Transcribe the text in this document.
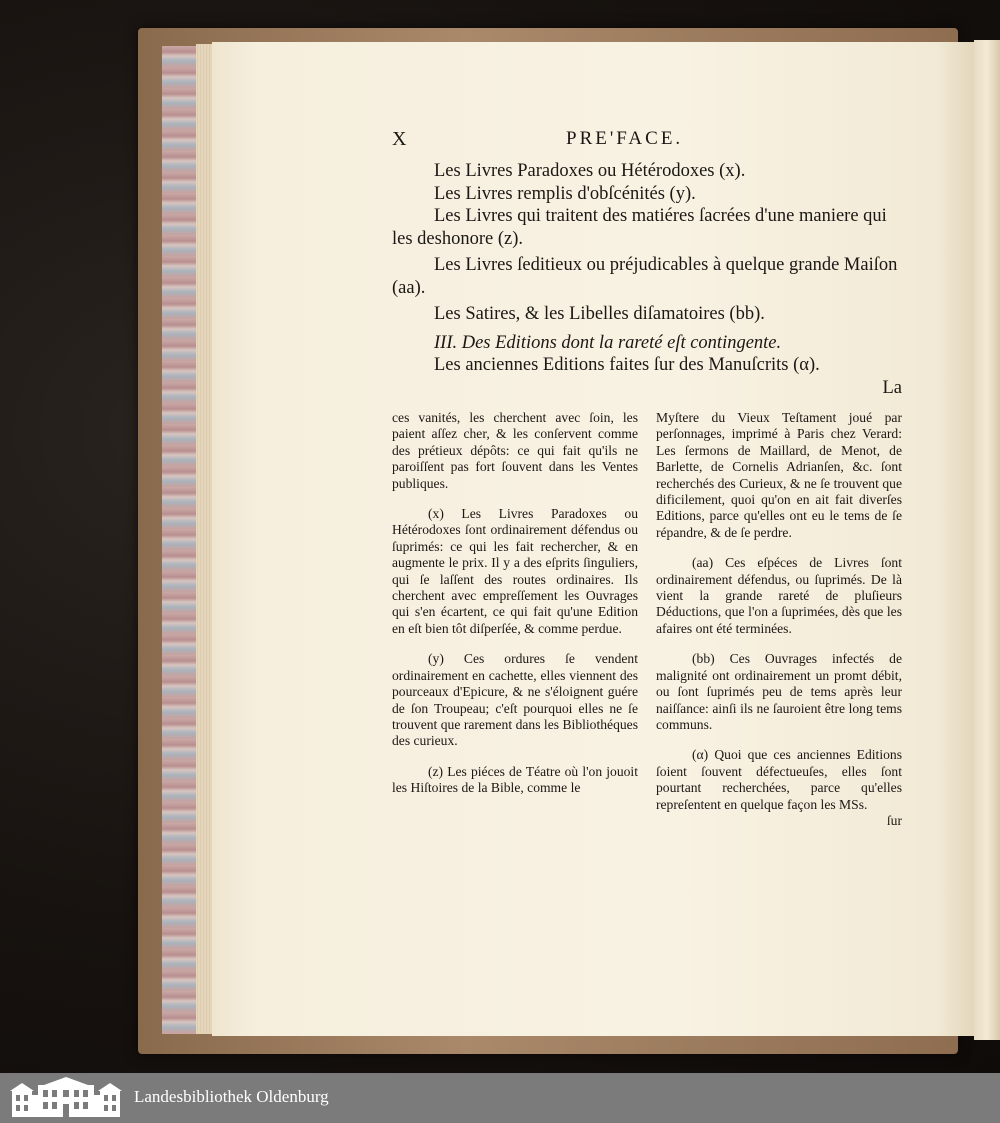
X	PRE'FACE.

Les Livres Paradoxes ou Hétérodoxes (x).

Les Livres remplis d'obſcénités (y).

Les Livres qui traitent des matiéres ſacrées d'une maniere qui les deshonore (z).

Les Livres ſeditieux ou préjudicables à quelque grande Maiſon (aa).

Les Satires, & les Libelles diſamatoires (bb).

III. Des Editions dont la rareté eſt contingente.

Les anciennes Editions faites ſur des Manuſcrits (α).

La

ces vanités, les cherchent avec ſoin, les paient aſſez cher, & les conſervent comme des prétieux dépôts: ce qui fait qu'ils ne paroiſſent pas fort ſouvent dans les Ventes publiques.

(x) Les Livres Paradoxes ou Hétérodoxes ſont ordinairement défendus ou ſuprimés: ce qui les fait rechercher, & en augmente le prix. Il y a des eſprits ſinguliers, qui ſe laſſent des routes ordinaires. Ils cherchent avec empreſſement les Ouvrages qui s'en écartent, ce qui fait qu'une Edition en eſt bien tôt diſperſée, & comme perdue.

(y) Ces ordures ſe vendent ordinairement en cachette, elles viennent des pourceaux d'Epicure, & ne s'éloignent guére de ſon Troupeau; c'eſt pourquoi elles ne ſe trouvent que rarement dans les Bibliothéques des curieux.

(z) Les piéces de Téatre où l'on jouoit les Hiſtoires de la Bible, comme le

Myſtere du Vieux Teſtament joué par perſonnages, imprimé à Paris chez Verard: Les ſermons de Maillard, de Menot, de Barlette, de Cornelis Adrianſen, &c. ſont recherchés des Curieux, & ne ſe trouvent que dificilement, quoi qu'on en ait fait diverſes Editions, parce qu'elles ont eu le tems de ſe répandre, & de ſe perdre.

(aa) Ces eſpéces de Livres ſont ordinairement défendus, ou ſuprimés. De là vient la grande rareté de pluſieurs Déductions, que l'on a ſuprimées, dès que les afaires ont été terminées.

(bb) Ces Ouvrages infectés de malignité ont ordinairement un promt débit, ou ſont ſuprimés peu de tems après leur naiſſance: ainſi ils ne ſauroient être long tems communs.

(α) Quoi que ces anciennes Editions ſoient ſouvent défectueuſes, elles ſont pourtant recherchées, parce qu'elles repreſentent en quelque façon les MSs.

ſur

Landesbibliothek Oldenburg
